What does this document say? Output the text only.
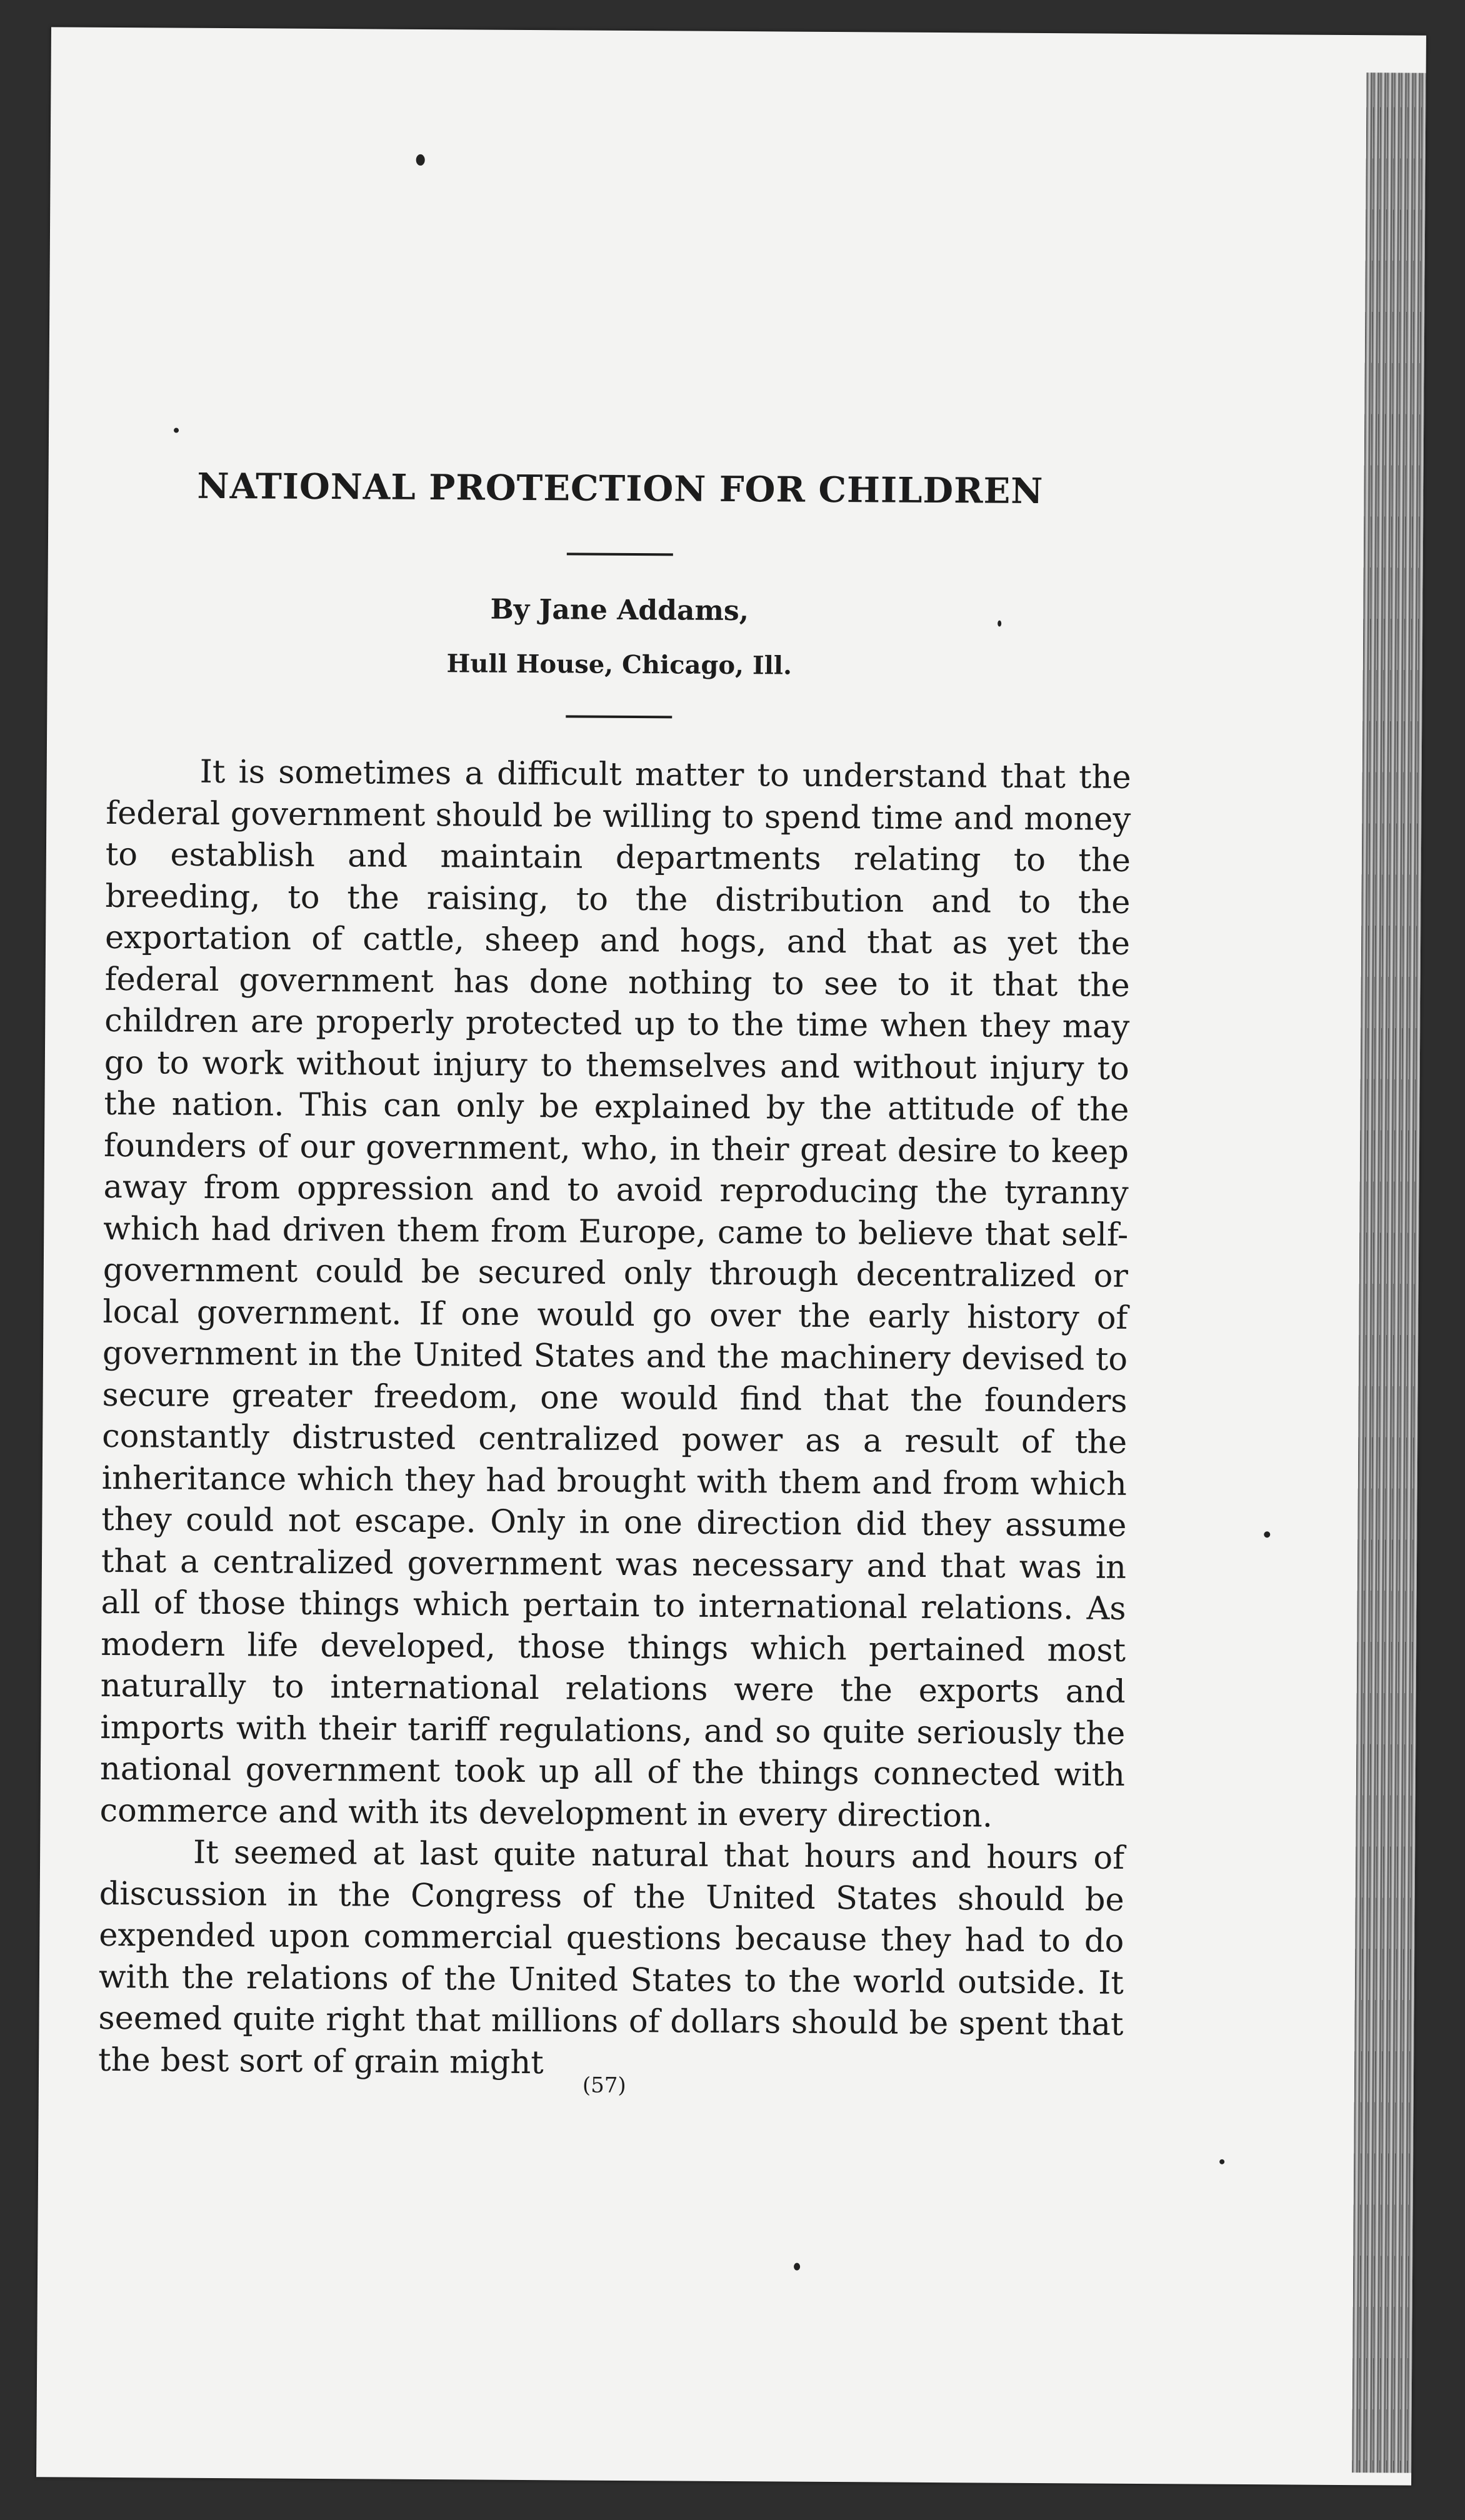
NATIONAL PROTECTION FOR CHILDREN
By Jane Addams,
Hull House, Chicago, Ill.

It is sometimes a difficult matter to understand that the federal government should be willing to spend time and money to establish and maintain departments relating to the breeding, to the raising, to the distribution and to the exportation of cattle, sheep and hogs, and that as yet the federal government has done nothing to see to it that the children are properly protected up to the time when they may go to work without injury to themselves and without injury to the nation. This can only be explained by the attitude of the founders of our government, who, in their great desire to keep away from oppression and to avoid reproducing the tyranny which had driven them from Europe, came to believe that self-government could be secured only through decentralized or local government. If one would go over the early history of government in the United States and the machinery devised to secure greater freedom, one would find that the founders constantly distrusted centralized power as a result of the inheritance which they had brought with them and from which they could not escape. Only in one direction did they assume that a centralized government was necessary and that was in all of those things which pertain to international relations. As modern life developed, those things which pertained most naturally to international relations were the exports and imports with their tariff regulations, and so quite seriously the national government took up all of the things connected with commerce and with its development in every direction.

It seemed at last quite natural that hours and hours of discussion in the Congress of the United States should be expended upon commercial questions because they had to do with the relations of the United States to the world outside. It seemed quite right that millions of dollars should be spent that the best sort of grain might

(57)
